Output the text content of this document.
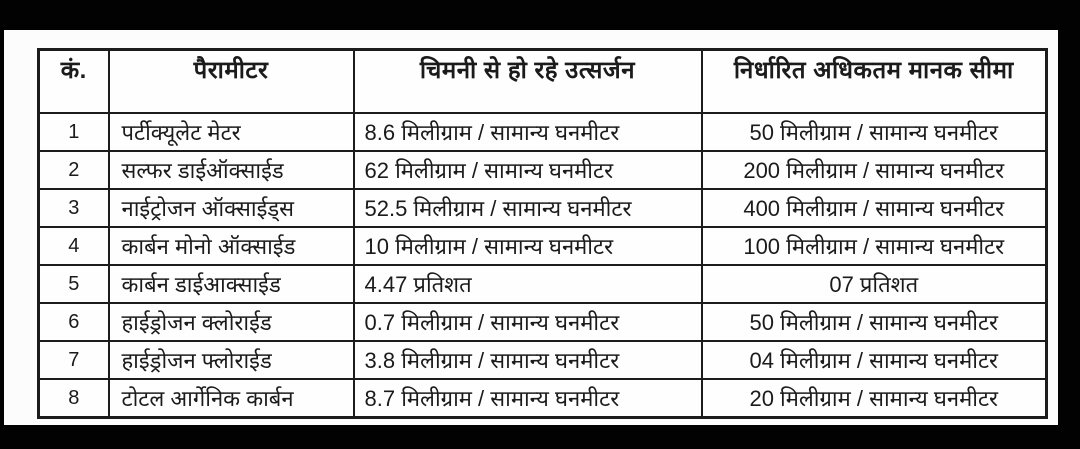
कं.	पैरामीटर	चिमनी से हो रहे उत्सर्जन	निर्धारित अधिकतम मानक सीमा
1	पर्टीक्यूलेट मेटर	8.6 मिलीग्राम / सामान्य घनमीटर	50 मिलीग्राम / सामान्य घनमीटर
2	सल्फर डाईऑक्साईड	62 मिलीग्राम / सामान्य घनमीटर	200 मिलीग्राम / सामान्य घनमीटर
3	नाईट्रोजन ऑक्साईड्स	52.5 मिलीग्राम / सामान्य घनमीटर	400 मिलीग्राम / सामान्य घनमीटर
4	कार्बन मोनो ऑक्साईड	10 मिलीग्राम / सामान्य घनमीटर	100 मिलीग्राम / सामान्य घनमीटर
5	कार्बन डाईआक्साईड	4.47 प्रतिशत	07 प्रतिशत
6	हाईड्रोजन क्लोराईड	0.7 मिलीग्राम / सामान्य घनमीटर	50 मिलीग्राम / सामान्य घनमीटर
7	हाईड्रोजन फ्लोराईड	3.8 मिलीग्राम / सामान्य घनमीटर	04 मिलीग्राम / सामान्य घनमीटर
8	टोटल आर्गेनिक कार्बन	8.7 मिलीग्राम / सामान्य घनमीटर	20 मिलीग्राम / सामान्य घनमीटर
